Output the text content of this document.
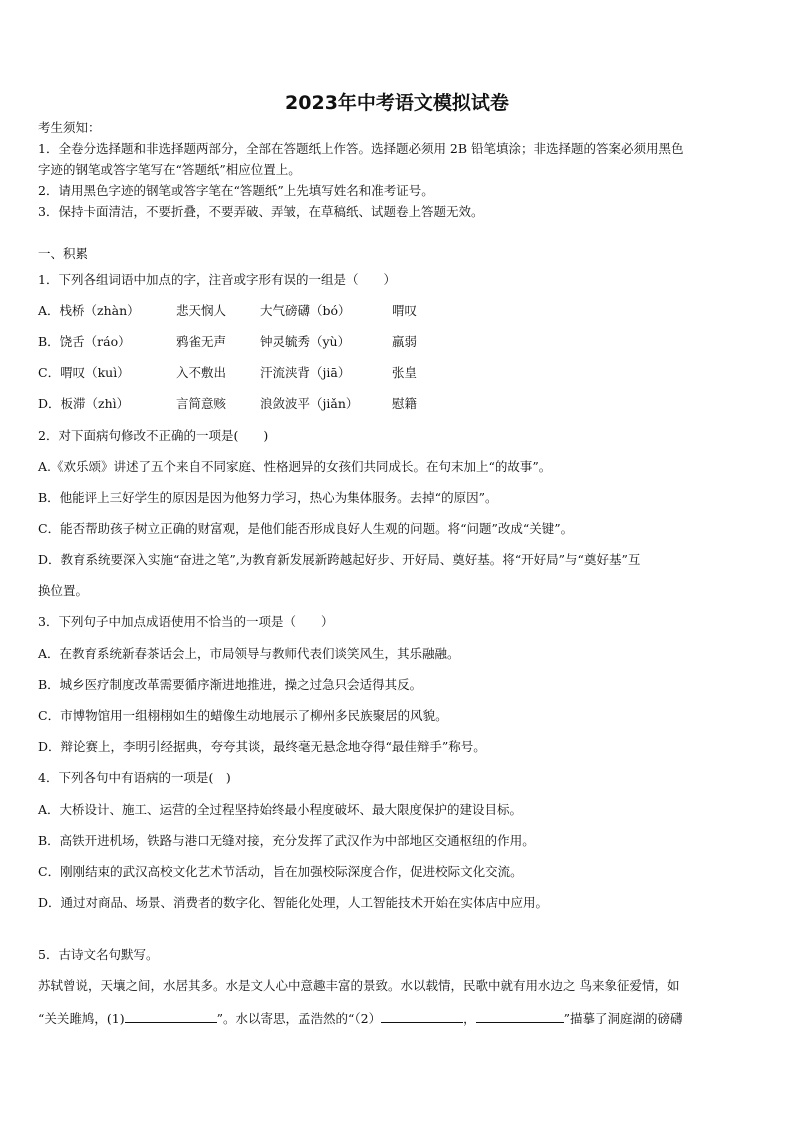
2023年中考语文模拟试卷
考生须知：
1．全卷分选择题和非选择题两部分，全部在答题纸上作答。选择题必须用 2B 铅笔填涂；非选择题的答案必须用黑色
字迹的钢笔或答字笔写在“答题纸”相应位置上。
2．请用黑色字迹的钢笔或答字笔在“答题纸”上先填写姓名和准考证号。
3．保持卡面清洁，不要折叠，不要弄破、弄皱，在草稿纸、试题卷上答题无效。
一、积累
1．下列各组词语中加点的字，注音或字形有误的一组是（　　）
A．栈桥（zhàn）	悲天悯人	大气磅礴（bó）	喟叹
B．饶舌（ráo）	鸦雀无声	钟灵毓秀（yù）	羸弱
C．喟叹（kuì）	入不敷出	汗流浃背（jiā）	张皇
D．板滞（zhì）	言简意赅	浪敛波平（jiǎn）	慰籍
2．对下面病句修改不正确的一项是(　　)
A.《欢乐颂》讲述了五个来自不同家庭、性格迥异的女孩们共同成长。在句末加上“的故事”。
B．他能评上三好学生的原因是因为他努力学习，热心为集体服务。去掉“的原因”。
C．能否帮助孩子树立正确的财富观，是他们能否形成良好人生观的问题。将“问题”改成“关键”。
D．教育系统要深入实施“奋进之笔”,为教育新发展新跨越起好步、开好局、奠好基。将“开好局”与“奠好基”互
换位置。
3．下列句子中加点成语使用不恰当的一项是（　　）
A．在教育系统新春茶话会上，市局领导与教师代表们谈笑风生，其乐融融。
B．城乡医疗制度改革需要循序渐进地推进，操之过急只会适得其反。
C．市博物馆用一组栩栩如生的蜡像生动地展示了柳州多民族聚居的风貌。
D．辩论赛上，李明引经据典，夸夸其谈，最终毫无悬念地夺得“最佳辩手”称号。
4．下列各句中有语病的一项是(　)
A．大桥设计、施工、运营的全过程坚持始终最小程度破坏、最大限度保护的建设目标。
B．高铁开进机场，铁路与港口无缝对接，充分发挥了武汉作为中部地区交通枢纽的作用。
C．刚刚结束的武汉高校文化艺术节活动，旨在加强校际深度合作，促进校际文化交流。
D．通过对商品、场景、消费者的数字化、智能化处理，人工智能技术开始在实体店中应用。
5．古诗文名句默写。
苏轼曾说，天壤之间，水居其多。水是文人心中意趣丰富的景致。水以载情，民歌中就有用水边之 鸟来象征爱情，如
“关关雎鸠，(1)	”。水以寄思，孟浩然的“（2）	，	”描摹了洞庭湖的磅礴
